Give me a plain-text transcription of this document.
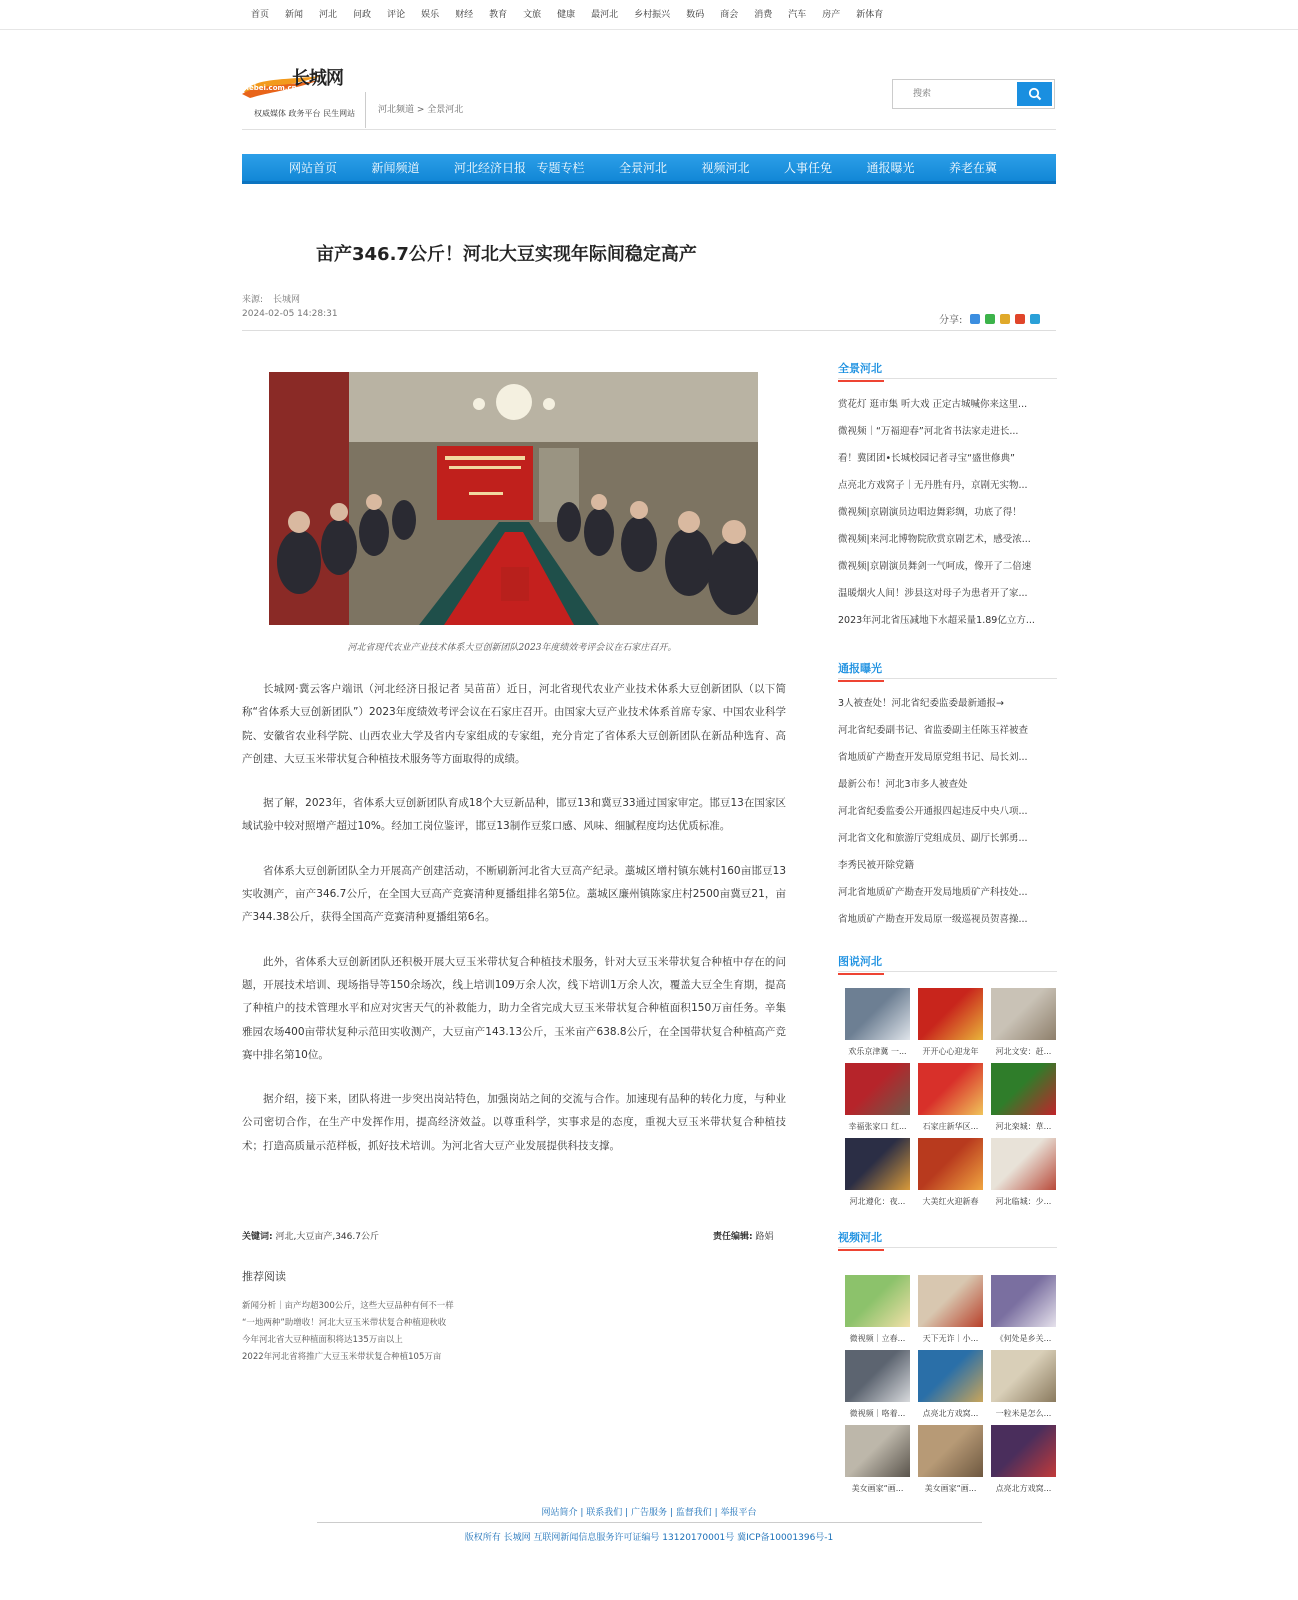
首页 新闻 河北 问政 评论 娱乐 财经 教育 文旅 健康 最河北 乡村振兴 数码 商会 消费 汽车 房产 新体育
长城网
hebei.com.cn
权威媒体 政务平台 民生网站	河北频道 > 全景河北
搜索
网站首页	新闻频道	河北经济日报 专题专栏	全景河北	视频河北	人事任免	通报曝光	养老在冀
亩产346.7公斤！河北大豆实现年际间稳定高产
来源: 长城网
2024-02-05 14:28:31
分享:
河北省现代农业产业技术体系大豆创新团队2023年度绩效考评会议在石家庄召开。

长城网·冀云客户端讯（河北经济日报记者 吴苗苗）近日，河北省现代农业产业技术体系大豆创新团队（以下简称“省体系大豆创新团队”）2023年度绩效考评会议在石家庄召开。由国家大豆产业技术体系首席专家、中国农业科学院、安徽省农业科学院、山西农业大学及省内专家组成的专家组，充分肯定了省体系大豆创新团队在新品种选育、高产创建、大豆玉米带状复合种植技术服务等方面取得的成绩。

据了解，2023年，省体系大豆创新团队育成18个大豆新品种，邯豆13和冀豆33通过国家审定。邯豆13在国家区域试验中较对照增产超过10%。经加工岗位鉴评，邯豆13制作豆浆口感、风味、细腻程度均达优质标准。

省体系大豆创新团队全力开展高产创建活动，不断刷新河北省大豆高产纪录。藁城区增村镇东姚村160亩邯豆13实收测产，亩产346.7公斤，在全国大豆高产竞赛清种夏播组排名第5位。藁城区廉州镇陈家庄村2500亩冀豆21，亩产344.38公斤，获得全国高产竞赛清种夏播组第6名。

此外，省体系大豆创新团队还积极开展大豆玉米带状复合种植技术服务，针对大豆玉米带状复合种植中存在的问题，开展技术培训、现场指导等150余场次，线上培训109万余人次，线下培训1万余人次，覆盖大豆全生育期，提高了种植户的技术管理水平和应对灾害天气的补救能力，助力全省完成大豆玉米带状复合种植面积150万亩任务。辛集雅园农场400亩带状复种示范田实收测产，大豆亩产143.13公斤，玉米亩产638.8公斤，在全国带状复合种植高产竞赛中排名第10位。

据介绍，接下来，团队将进一步突出岗站特色，加强岗站之间的交流与合作。加速现有品种的转化力度，与种业公司密切合作，在生产中发挥作用，提高经济效益。以尊重科学，实事求是的态度，重视大豆玉米带状复合种植技术；打造高质量示范样板，抓好技术培训。为河北省大豆产业发展提供科技支撑。

关键词: 河北,大豆亩产,346.7公斤	责任编辑: 路娟
推荐阅读
新闻分析｜亩产均超300公斤，这些大豆品种有何不一样
“一地两种”助增收！河北大豆玉米带状复合种植迎秋收
今年河北省大豆种植面积将达135万亩以上
2022年河北省将推广大豆玉米带状复合种植105万亩
全景河北
赏花灯 逛市集 听大戏 正定古城喊你来这里...
微视频｜“万福迎春”河北省书法家走进长...
看！冀团团•长城校园记者寻宝“盛世修典”
点亮北方戏窝子｜无丹胜有丹，京剧无实物...
微视频|京剧演员边唱边舞彩绸，功底了得！
微视频|来河北博物院欣赏京剧艺术，感受浓...
微视频|京剧演员舞剑一气呵成，像开了二倍速
温暖烟火人间！涉县这对母子为患者开了家...
2023年河北省压减地下水超采量1.89亿立方...
通报曝光
3人被查处！河北省纪委监委最新通报→
河北省纪委副书记、省监委副主任陈玉祥被查
省地质矿产勘查开发局原党组书记、局长刘...
最新公布！河北3市多人被查处
河北省纪委监委公开通报四起违反中央八项...
河北省文化和旅游厅党组成员、副厅长郭勇...
李秀民被开除党籍
河北省地质矿产勘查开发局地质矿产科技处...
省地质矿产勘查开发局原一级巡视员贺喜操...
图说河北
欢乐京津冀 一...	开开心心迎龙年	河北文安：赶...
幸福张家口 红...	石家庄新华区...	河北栾城：草...
河北遵化：夜...	大美红火迎新春	河北临城：少...
视频河北
微视频｜立春...	天下无诈｜小...	《何处是乡关...
微视频｜咯着...	点亮北方戏窝...	一粒米是怎么...
美女画家“画...	美女画家“画...	点亮北方戏窝...
网站简介 | 联系我们 | 广告服务 | 监督我们 | 举报平台
版权所有 长城网 互联网新闻信息服务许可证编号 13120170001号 冀ICP备10001396号-1
